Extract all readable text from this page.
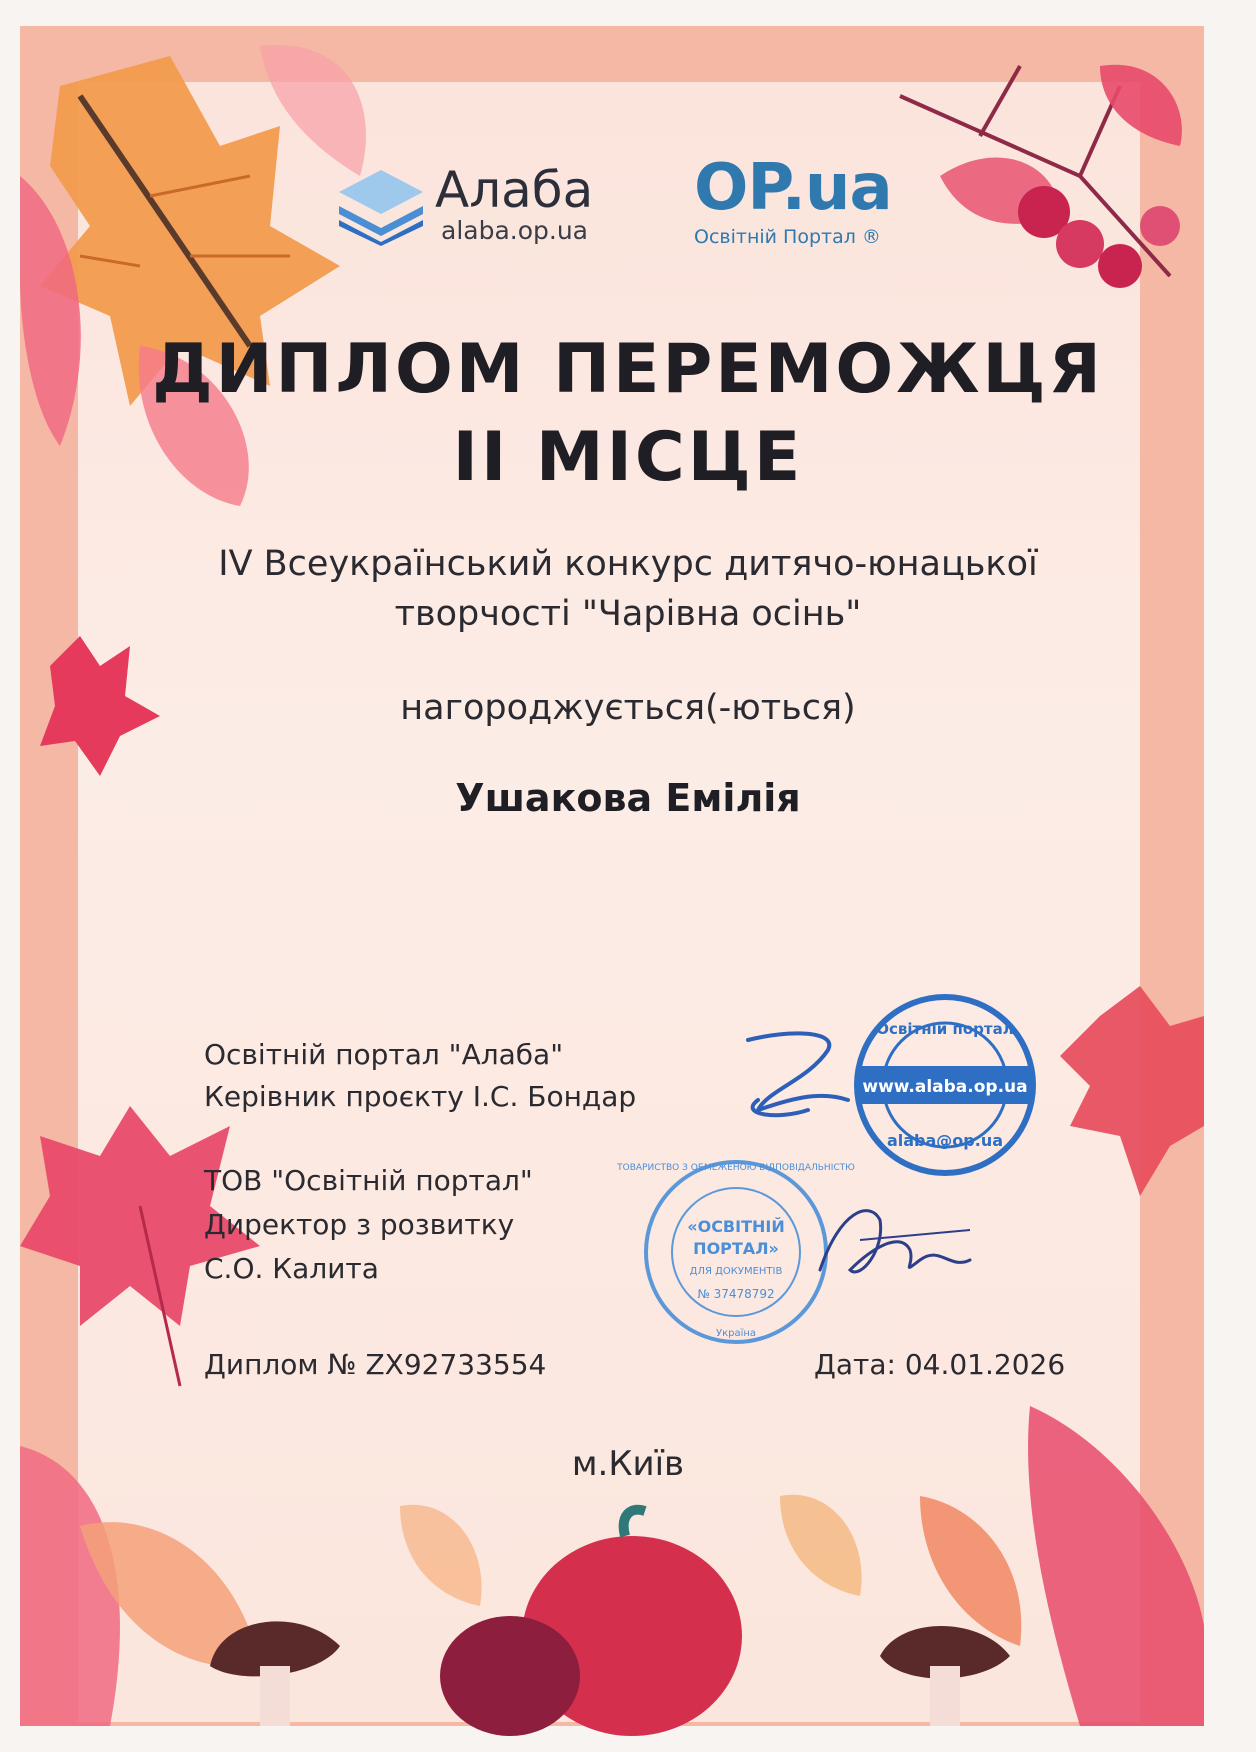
Алаба
alaba.op.ua
OP.ua
Освітній Портал ®
ДИПЛОМ ПЕРЕМОЖЦЯ
II МІСЦЕ
IV Всеукраїнський конкурс дитячо-юнацької
творчості "Чарівна осінь"
нагороджується(-ються)
Ушакова Емілія
Освітній портал "Алаба"
Керівник проєкту І.С. Бондар
ТОВ "Освітній портал"
Директор з розвитку
С.О. Калита
Диплом № ZX92733554	Дата: 04.01.2026
м.Київ
www.alaba.op.ua
Освітній портал
alaba@op.ua
ТОВАРИСТВО З ОБМЕЖЕНОЮ ВІДПОВІДАЛЬНІСТЮ
«ОСВІТНІЙ
ПОРТАЛ»
ДЛЯ ДОКУМЕНТІВ
№ 37478792
Україна
